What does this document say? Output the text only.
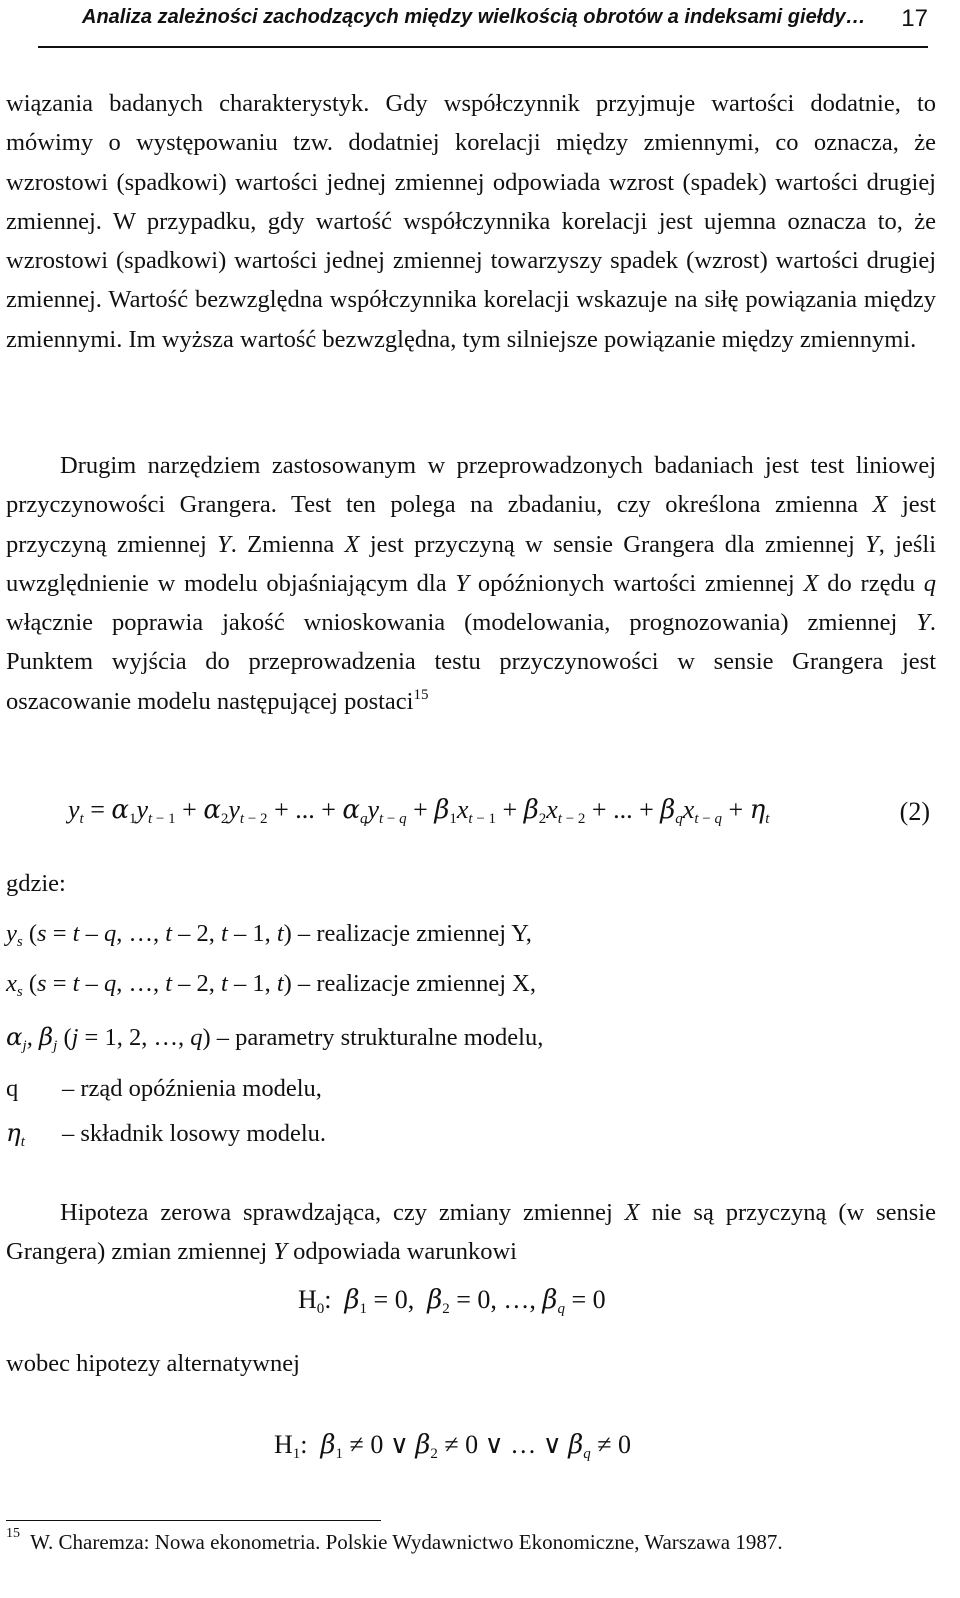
Analiza zależności zachodzących między wielkością obrotów a indeksami giełdy… 17

wiązania badanych charakterystyk. Gdy współczynnik przyjmuje wartości dodatnie, to mówimy o występowaniu tzw. dodatniej korelacji między zmiennymi, co oznacza, że wzrostowi (spadkowi) wartości jednej zmiennej odpowiada wzrost (spadek) wartości drugiej zmiennej. W przypadku, gdy wartość współczynnika korelacji jest ujemna oznacza to, że wzrostowi (spadkowi) wartości jednej zmiennej towarzyszy spadek (wzrost) wartości drugiej zmiennej. Wartość bezwzględna współczynnika korelacji wskazuje na siłę powiązania między zmiennymi. Im wyższa wartość bezwzględna, tym silniejsze powiązanie między zmiennymi.

Drugim narzędziem zastosowanym w przeprowadzonych badaniach jest test liniowej przyczynowości Grangera. Test ten polega na zbadaniu, czy określona zmienna X jest przyczyną zmiennej Y. Zmienna X jest przyczyną w sensie Grangera dla zmiennej Y, jeśli uwzględnienie w modelu objaśniającym dla Y opóźnionych wartości zmiennej X do rzędu q włącznie poprawia jakość wnioskowania (modelowania, prognozowania) zmiennej Y. Punktem wyjścia do przeprowadzenia testu przyczynowości w sensie Grangera jest oszacowanie modelu następującej postaci$^{15}$

$y_t = \alpha_1y_{t - 1} + \alpha_2y_{t - 2}$ + ... + $\alpha_qy_{t - q} + \beta_1x_{t - 1} + \beta_2x_{t - 2}$ + ... + $\beta_qx_{t - q} + \eta_t$	(2)

gdzie:

$y_s$ (s = t – q, …, t – 2, t – 1, t) – realizacje zmiennej Y,

$x_s$ (s = t – q, …, t – 2, t – 1, t) – realizacje zmiennej X,

$\alpha_j$, $\beta_j$ (j = 1, 2, …, q) – parametry strukturalne modelu,

q – rząd opóźnienia modelu,

$\eta_t$ – składnik losowy modelu.

Hipoteza zerowa sprawdzająca, czy zmiany zmiennej X nie są przyczyną (w sensie Grangera) zmian zmiennej Y odpowiada warunkowi

$H_0$:  $\beta_1 = 0$,  $\beta_2 = 0$, …, $\beta_q = 0$

wobec hipotezy alternatywnej

$H_1$:  $\beta_1 \ne 0$ ∨ $\beta_2 \ne 0$ ∨ … ∨ $\beta_q \ne 0$
$^{15}$ W. Charemza: Nowa ekonometria. Polskie Wydawnictwo Ekonomiczne, Warszawa 1987.
